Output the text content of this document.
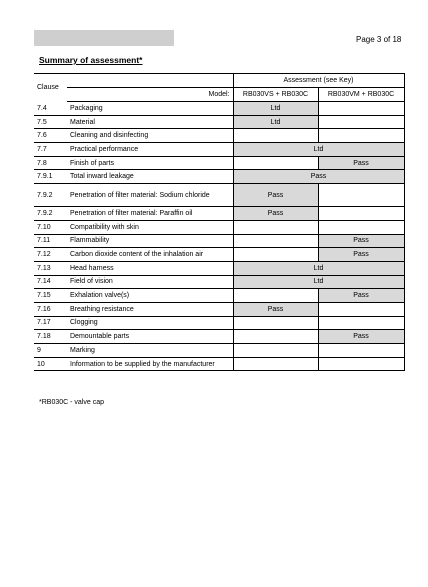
Page 3 of 18
Summary of assessment*
Clause		Assessment (see Key)	
	Model:	RB030VS + RB030C	RB030VM + RB030C
7.4	Packaging	Ltd	
7.5	Material	Ltd	
7.6	Cleaning and disinfecting		
7.7	Practical performance	Ltd	
7.8	Finish of parts		Pass
7.9.1	Total inward leakage	Pass	
7.9.2	Penetration of filter material: Sodium chloride	Pass	
7.9.2	Penetration of filter material: Paraffin oil	Pass	
7.10	Compatibility with skin		
7.11	Flammability		Pass
7.12	Carbon dioxide content of the inhalation air		Pass
7.13	Head harness	Ltd	
7.14	Field of vision	Ltd	
7.15	Exhalation valve(s)		Pass
7.16	Breathing resistance	Pass	
7.17	Clogging		
7.18	Demountable parts		Pass
9	Marking		
10	Information to be supplied by the manufacturer		
*RB030C - valve cap
